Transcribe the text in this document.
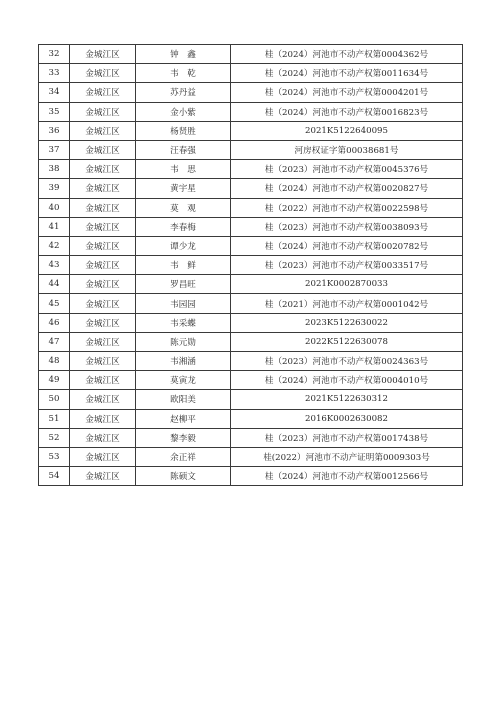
32	金城江区	钟　鑫	桂（2024）河池市不动产权第0004362号
33	金城江区	韦　乾	桂（2024）河池市不动产权第0011634号
34	金城江区	苏丹益	桂（2024）河池市不动产权第0004201号
35	金城江区	金小紫	桂（2024）河池市不动产权第0016823号
36	金城江区	杨贤胜	2021K5122640095
37	金城江区	汪春强	河房权证字第00038681号
38	金城江区	韦　思	桂（2023）河池市不动产权第0045376号
39	金城江区	黄宇星	桂（2024）河池市不动产权第0020827号
40	金城江区	莫　观	桂（2022）河池市不动产权第0022598号
41	金城江区	李春梅	桂（2023）河池市不动产权第0038093号
42	金城江区	谭少龙	桂（2024）河池市不动产权第0020782号
43	金城江区	韦　鲜	桂（2023）河池市不动产权第0033517号
44	金城江区	罗昌旺	2021K0002870033
45	金城江区	韦园园	桂（2021）河池市不动产权第0001042号
46	金城江区	韦采蝶	2023K5122630022
47	金城江区	陈元勋	2022K5122630078
48	金城江区	韦湘涵	桂（2023）河池市不动产权第0024363号
49	金城江区	莫寅龙	桂（2024）河池市不动产权第0004010号
50	金城江区	欧阳美	2021K5122630312
51	金城江区	赵柳平	2016K0002630082
52	金城江区	黎李毅	桂（2023）河池市不动产权第0017438号
53	金城江区	余正祥	桂(2022）河池市不动产证明第0009303号
54	金城江区	陈硕文	桂（2024）河池市不动产权第0012566号
